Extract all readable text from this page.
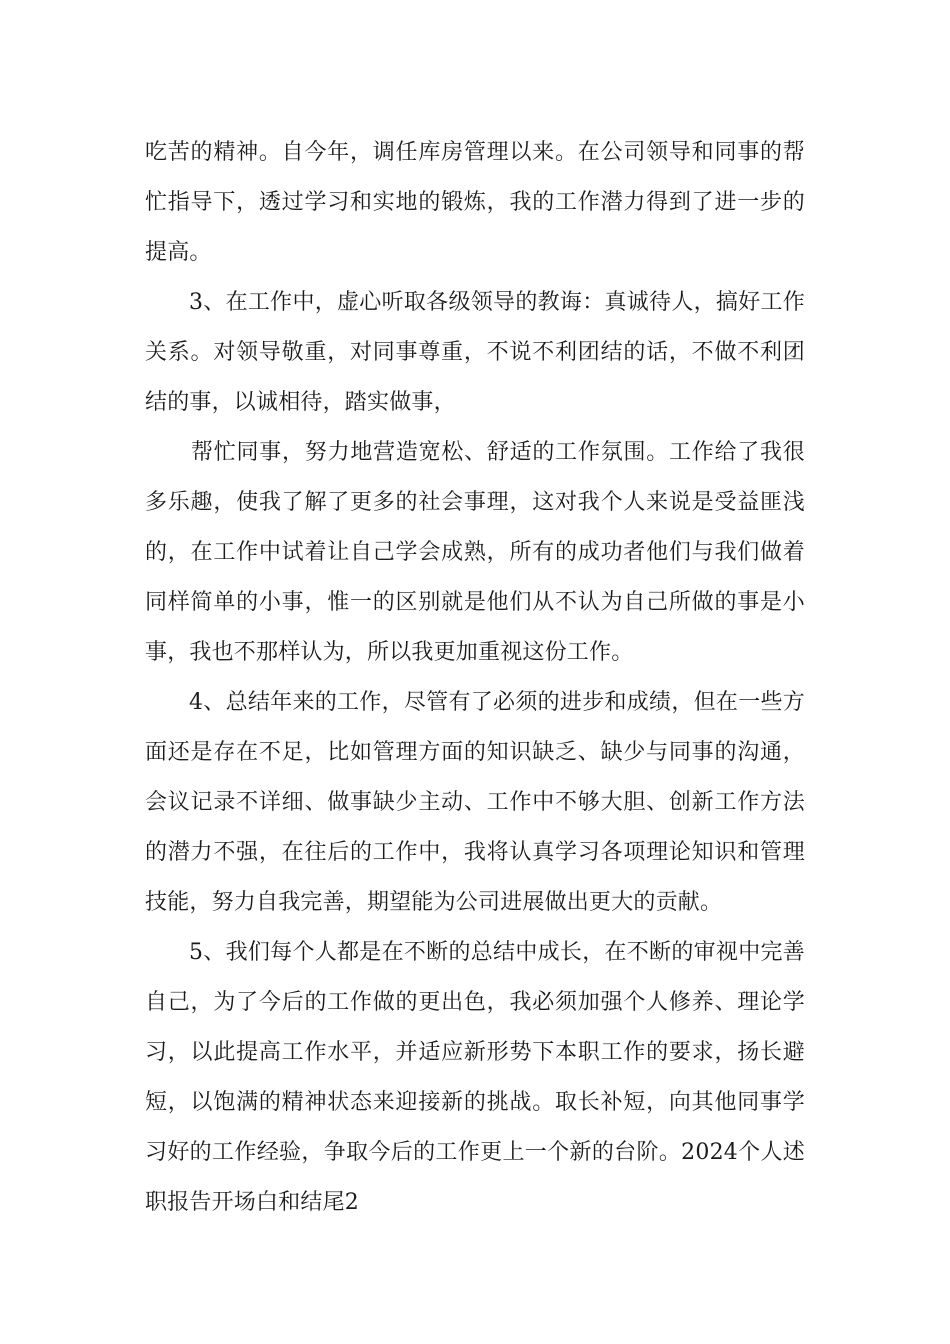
吃苦的精神。自今年，调任库房管理以来。在公司领导和同事的帮
忙指导下，透过学习和实地的锻炼，我的工作潜力得到了进一步的
提高。
3、在工作中，虚心听取各级领导的教诲：真诚待人，搞好工作
关系。对领导敬重，对同事尊重，不说不利团结的话，不做不利团
结的事，以诚相待，踏实做事，
帮忙同事，努力地营造宽松、舒适的工作氛围。工作给了我很
多乐趣，使我了解了更多的社会事理，这对我个人来说是受益匪浅
的，在工作中试着让自己学会成熟，所有的成功者他们与我们做着
同样简单的小事，惟一的区别就是他们从不认为自己所做的事是小
事，我也不那样认为，所以我更加重视这份工作。
4、总结年来的工作，尽管有了必须的进步和成绩，但在一些方
面还是存在不足，比如管理方面的知识缺乏、缺少与同事的沟通，
会议记录不详细、做事缺少主动、工作中不够大胆、创新工作方法
的潜力不强，在往后的工作中，我将认真学习各项理论知识和管理
技能，努力自我完善，期望能为公司进展做出更大的贡献。
5、我们每个人都是在不断的总结中成长，在不断的审视中完善
自己，为了今后的工作做的更出色，我必须加强个人修养、理论学
习，以此提高工作水平，并适应新形势下本职工作的要求，扬长避
短，以饱满的精神状态来迎接新的挑战。取长补短，向其他同事学
习好的工作经验，争取今后的工作更上一个新的台阶。2024个人述
职报告开场白和结尾2
